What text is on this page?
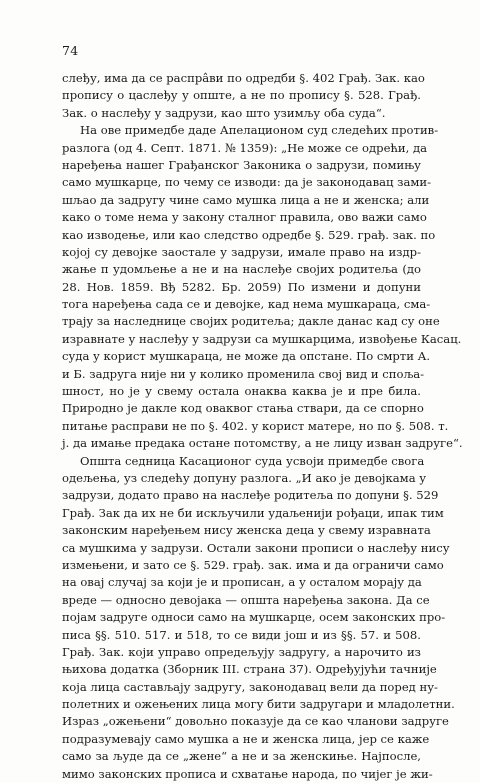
74
слеђу, има да се распрâви по одредби §. 402 Грађ. Зак. као
пропису о цаслеђу у опште, а не по пропису §. 528. Грађ.
Зак. о наслеђу у задрузи, као што узимљу оба суда“.
На ове примедбе даде Апелационом суд следећих против-
разлога (од 4. Септ. 1871. № 1359): „Не може се одрећи, да
наређења нашег Грађанског Законика о задрузи, помињу
само мушкарце, по чему се изводи: да је законодавац зами-
шљао да задругу чине само мушка лица а не и женска; али
како о томе нема у закону сталног правила, ово важи само
као изводење, или као следство одредбе §. 529. грађ. зак. по
којој су девојке заостале у задрузи, имале право на издр-
жање п удомљење а не и на наслеђе својих родитеља (до
28. Нов. 1859. Вђ 5282. Бр. 2059) По измени и допуни
тога наређења сада се и девојке, кад нема мушкараца, сма-
трају за наследнице својих родитеља; дакле данас кад су оне
изравнате у наслеђу у задрузи са мушкарцима, извођење Касац.
суда у корист мушкараца, не може да опстане. По смрти А.
и Б. задруга није ни у колико променила свој вид и спољa-
шност, но је у свему остала онаква каква је и пре била.
Природно је дакле код оваквог стања ствари, да се спорно
питање расправи не по §. 402. у корист матере, но по §. 508. т.
ј. да имање предака остане потомству, а не лицу изван задруге“.
Општа седница Касационог суда усвоји примедбе свога
одељења, уз следећу допуну разлога. „И ако је девојкама у
задрузи, додато право на наслеђе родитеља по допуни §. 529
Грађ. Зак да их не би искључили удаљенији рођаци, ипак тим
законским наређењем нису женска деца у свему изравната
са мушкима у задрузи. Остали закони прописи о наслеђу нису
измењени, и зато се §. 529. грађ. зак. има и да ограничи само
на овај случај за који је и прописан, а у осталом морају да
вреде — односно девојака — општа наређења закона. Да се
појам задруге односи само на мушкарце, осем законских про-
писа §§. 510. 517. и 518, то се види још и из §§. 57. и 508.
Грађ. Зак. који управо опредељују задругу, а нарочито из
њихова додатка (Зборник III. страна 37). Одређујући тачније
која лица састављају задругу, законодавац вели да поред ну-
полетних и ожењених лица могу бити задругари и младолетни.
Израз „ожењени“ довољно показује да се као чланови задруге
подразумевају само мушка а не и женска лица, јер се каже
само за људе да се „жене“ а не и за женскиње. Најпосле,
мимо законских прописа и схватање народа, по чијег је жи-
